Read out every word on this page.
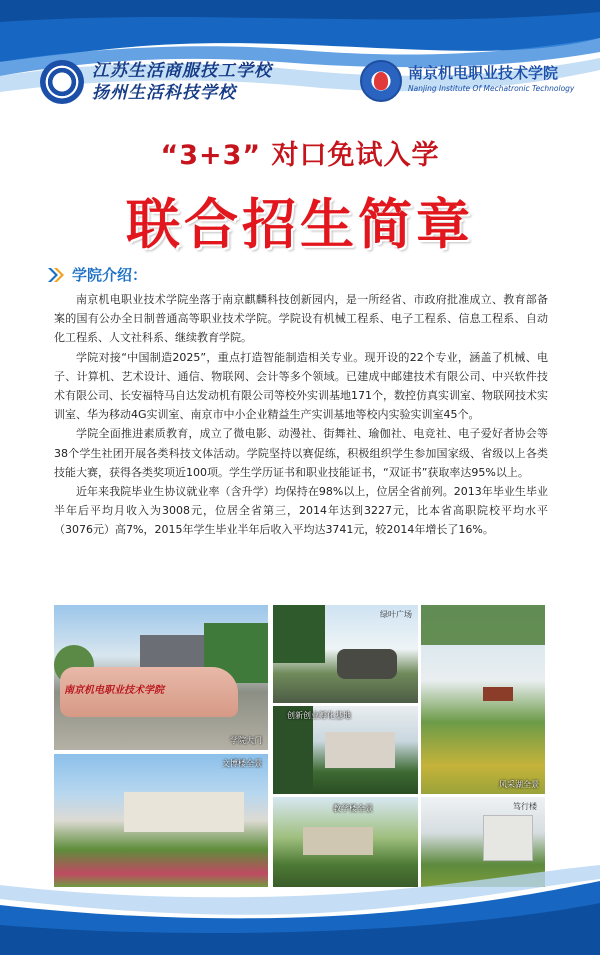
江苏生活商服技工学校
扬州生活科技学校
南京机电职业技术学院
Nanjing Institute Of Mechatronic Technology
“3+3” 对口免试入学
联合招生简章
学院介绍：

南京机电职业技术学院坐落于南京麒麟科技创新园内，是一所经省、市政府批准成立、教育部备案的国有公办全日制普通高等职业技术学院。学院设有机械工程系、电子工程系、信息工程系、自动化工程系、人文社科系、继续教育学院。

学院对接“中国制造2025”，重点打造智能制造相关专业。现开设的22个专业，涵盖了机械、电子、计算机、艺术设计、通信、物联网、会计等多个领域。已建成中邮建技术有限公司、中兴软件技术有限公司、长安福特马自达发动机有限公司等校外实训基地171个，数控仿真实训室、物联网技术实训室、华为移动4G实训室、南京市中小企业精益生产实训基地等校内实验实训室45个。

学院全面推进素质教育，成立了微电影、动漫社、街舞社、瑜伽社、电竞社、电子爱好者协会等38个学生社团开展各类科技文体活动。学院坚持以赛促练，积极组织学生参加国家级、省级以上各类技能大赛，获得各类奖项近100项。学生学历证书和职业技能证书，“双证书”获取率达95%以上。

近年来我院毕业生协议就业率（含升学）均保持在98%以上，位居全省前列。2013年毕业生毕业半年后平均月收入为3008元，位居全省第三，2014年达到3227元，比本省高职院校平均水平（3076元）高7%，2015年学生毕业半年后收入平均达3741元，较2014年增长了16%。

南京机电职业技术学院
学院大门
绿叶广场
创新创业孵化基地
风采湖全景
文博楼全景
教学楼全景	笃行楼
